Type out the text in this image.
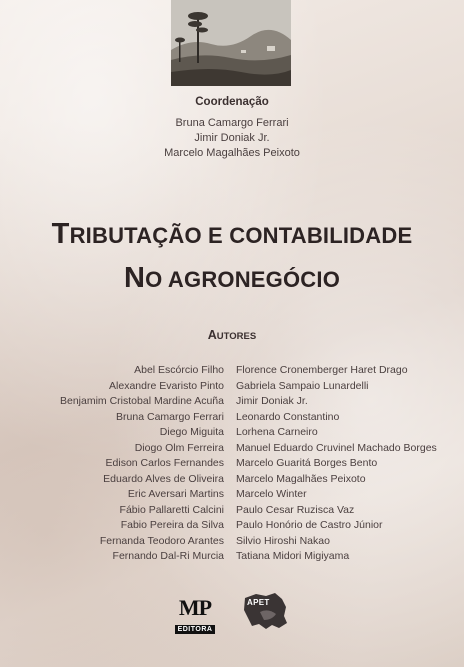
Coordenação
Bruna Camargo Ferrari
Jimir Doniak Jr.
Marcelo Magalhães Peixoto
TRIBUTAÇÃO E CONTABILIDADE
NO AGRONEGÓCIO
AUTORES
Abel Escórcio Filho
Alexandre Evaristo Pinto
Benjamim Cristobal Mardine Acuña
Bruna Camargo Ferrari
Diego Miguita
Diogo Olm Ferreira
Edison Carlos Fernandes
Eduardo Alves de Oliveira
Eric Aversari Martins
Fábio Pallaretti Calcini
Fabio Pereira da Silva
Fernanda Teodoro Arantes
Fernando Dal-Ri Murcia
Florence Cronemberger Haret Drago
Gabriela Sampaio Lunardelli
Jimir Doniak Jr.
Leonardo Constantino
Lorhena Carneiro
Manuel Eduardo Cruvinel Machado Borges
Marcelo Guaritá Borges Bento
Marcelo Magalhães Peixoto
Marcelo Winter
Paulo Cesar Ruzisca Vaz
Paulo Honório de Castro Júnior
Silvio Hiroshi Nakao
Tatiana Midori Migiyama
MP
EDITORA
APET
